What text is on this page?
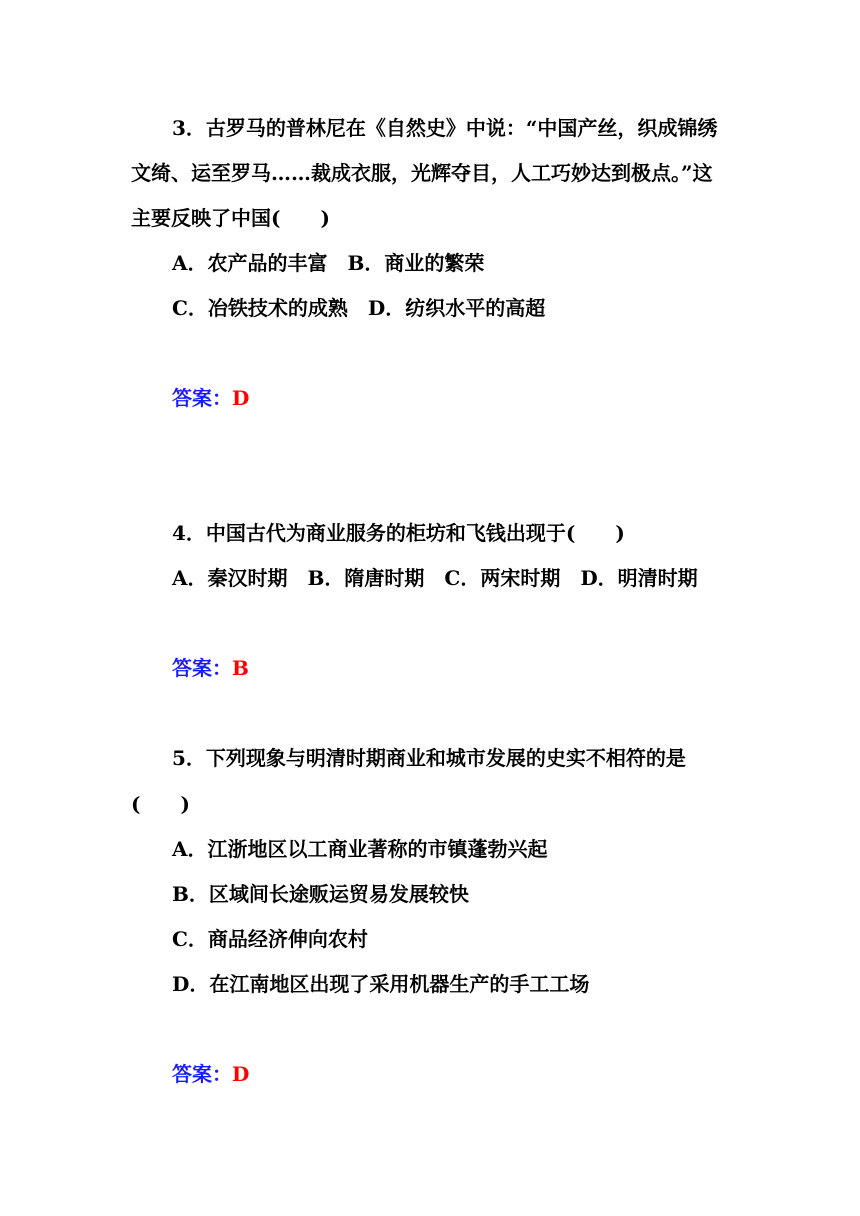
3．古罗马的普林尼在《自然史》中说：“中国产丝，织成锦绣
文绮、运至罗马……裁成衣服，光辉夺目，人工巧妙达到极点。”这
主要反映了中国(　　)
A．农产品的丰富　B．商业的繁荣
C．冶铁技术的成熟　D．纺织水平的高超
答案：D
4．中国古代为商业服务的柜坊和飞钱出现于(　　)
A．秦汉时期　B．隋唐时期　C．两宋时期　D．明清时期
答案：B
5．下列现象与明清时期商业和城市发展的史实不相符的是
(　　)
A．江浙地区以工商业著称的市镇蓬勃兴起
B．区域间长途贩运贸易发展较快
C．商品经济伸向农村
D．在江南地区出现了采用机器生产的手工工场
答案：D
